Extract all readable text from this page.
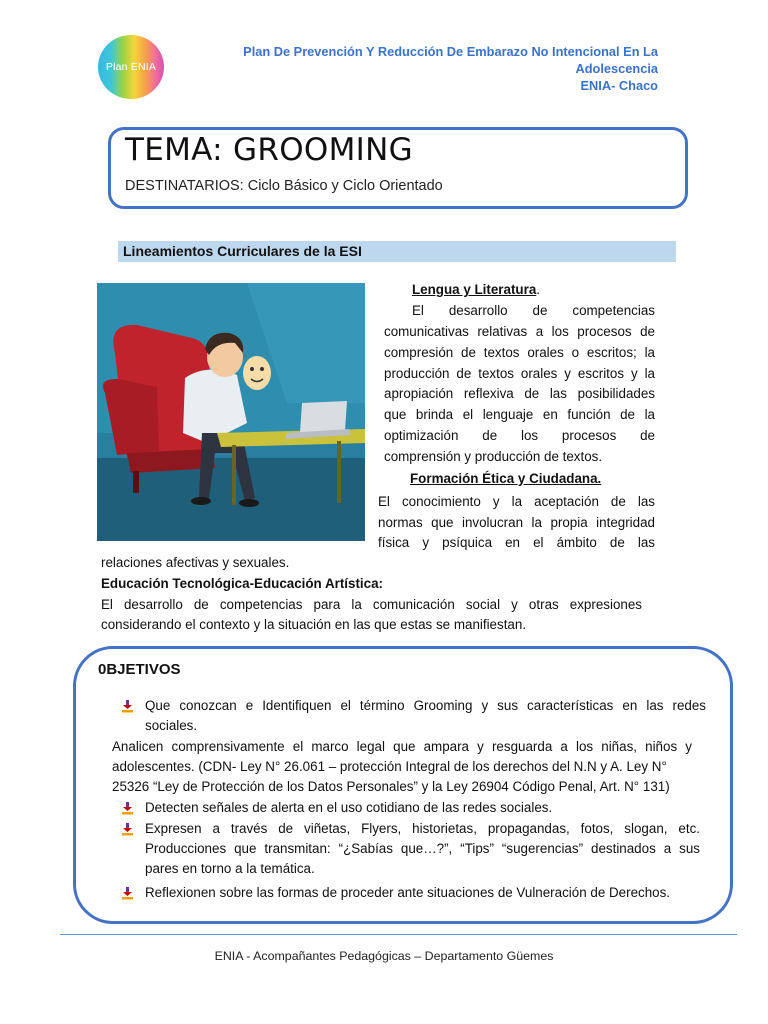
Plan ENIA
Plan De Prevención Y Reducción De Embarazo No Intencional En La
Adolescencia
ENIA- Chaco
TEMA: GROOMING
DESTINATARIOS: Ciclo Básico y Ciclo Orientado
Lineamientos Curriculares de la ESI
Lengua y Literatura.
El desarrollo de competencias
comunicativas relativas a los procesos de
compresión de textos orales o escritos; la
producción de textos orales y escritos y la
apropiación reflexiva de las posibilidades
que brinda el lenguaje en función de la
optimización de los procesos de
comprensión y producción de textos.
Formación Ética y Ciudadana.
El conocimiento y la aceptación de las
normas que involucran la propia integridad
física y psíquica en el ámbito de las
relaciones afectivas y sexuales.
Educación Tecnológica-Educación Artística:
El desarrollo de competencias para la comunicación social y otras expresiones
considerando el contexto y la situación en las que estas se manifiestan.
0BJETIVOS
Que conozcan e Identifiquen el término Grooming y sus características en las redes
sociales.
Analicen comprensivamente el marco legal que ampara y resguarda a los niñas, niños y
adolescentes. (CDN- Ley N° 26.061 – protección Integral de los derechos del N.N y A. Ley N°
25326 “Ley de Protección de los Datos Personales” y la Ley 26904 Código Penal, Art. N° 131)
Detecten señales de alerta en el uso cotidiano de las redes sociales.
Expresen a través de viñetas, Flyers, historietas, propagandas, fotos, slogan, etc.
Producciones que transmitan: “¿Sabías que…?”, “Tips” “sugerencias” destinados a sus
pares en torno a la temática.
Reflexionen sobre las formas de proceder ante situaciones de Vulneración de Derechos.
ENIA - Acompañantes Pedagógicas – Departamento Güemes
